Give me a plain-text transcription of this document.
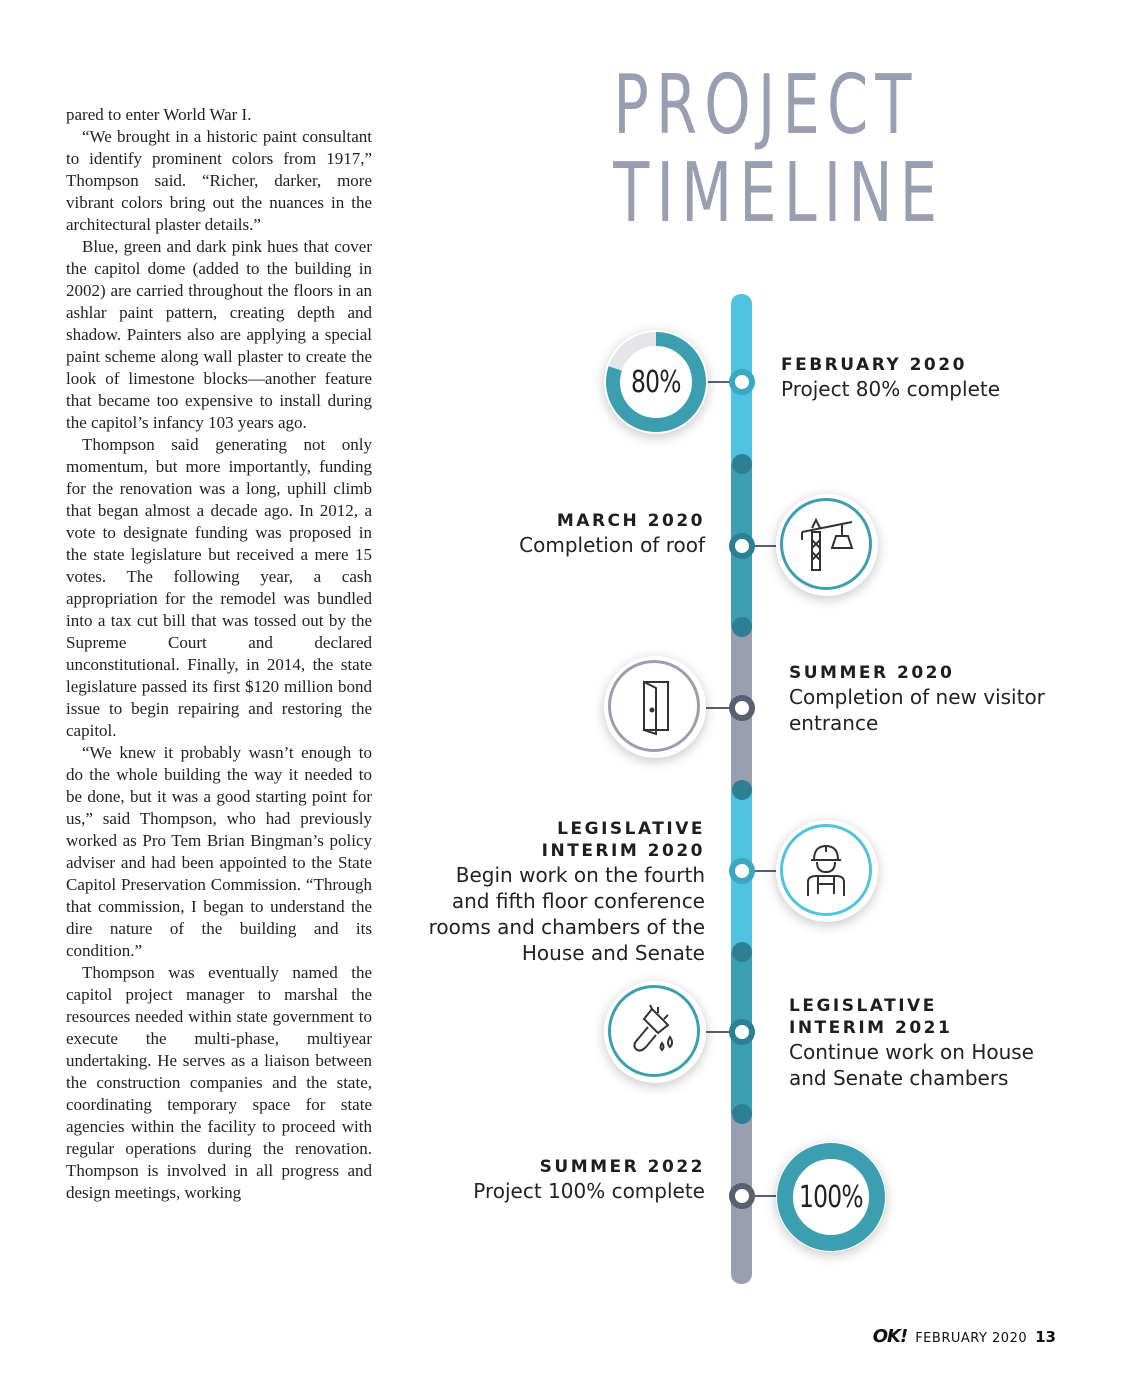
pared to enter World War I.

“We brought in a historic paint consultant to identify prominent colors from 1917,” Thompson said. “Richer, darker, more vibrant colors bring out the nuances in the architectural plaster details.”

Blue, green and dark pink hues that cover the capitol dome (added to the building in 2002) are carried throughout the floors in an ashlar paint pattern, creating depth and shadow. Painters also are applying a special paint scheme along wall plaster to create the look of limestone blocks—another feature that became too expensive to install during the capitol’s infancy 103 years ago.

Thompson said generating not only momentum, but more importantly, funding for the renovation was a long, uphill climb that began almost a decade ago. In 2012, a vote to designate funding was proposed in the state legislature but received a mere 15 votes. The following year, a cash appropriation for the remodel was bundled into a tax cut bill that was tossed out by the Supreme Court and declared unconstitutional. Finally, in 2014, the state legislature passed its first $120 million bond issue to begin repairing and restoring the capitol.

“We knew it probably wasn’t enough to do the whole building the way it needed to be done, but it was a good starting point for us,” said Thompson, who had previously worked as Pro Tem Brian Bingman’s policy adviser and had been appointed to the State Capitol Preservation Commission. “Through that commission, I began to understand the dire nature of the building and its condition.”

Thompson was eventually named the capitol project manager to marshal the resources needed within state government to execute the multi-phase, multiyear undertaking. He serves as a liaison between the construction companies and the state, coordinating temporary space for state agencies within the facility to proceed with regular operations during the renovation. Thompson is involved in all progress and design meetings, working

PROJECT
TIMELINE
80%	FEBRUARY 2020
Project 80% complete
MARCH 2020
Completion of roof
SUMMER 2020
Completion of new visitor entrance
LEGISLATIVE INTERIM 2020
Begin work on the fourth and fifth floor conference rooms and chambers of the House and Senate
LEGISLATIVE INTERIM 2021
Continue work on House and Senate chambers
100%
SUMMER 2022
Project 100% complete
OK! FEBRUARY 2020 13
